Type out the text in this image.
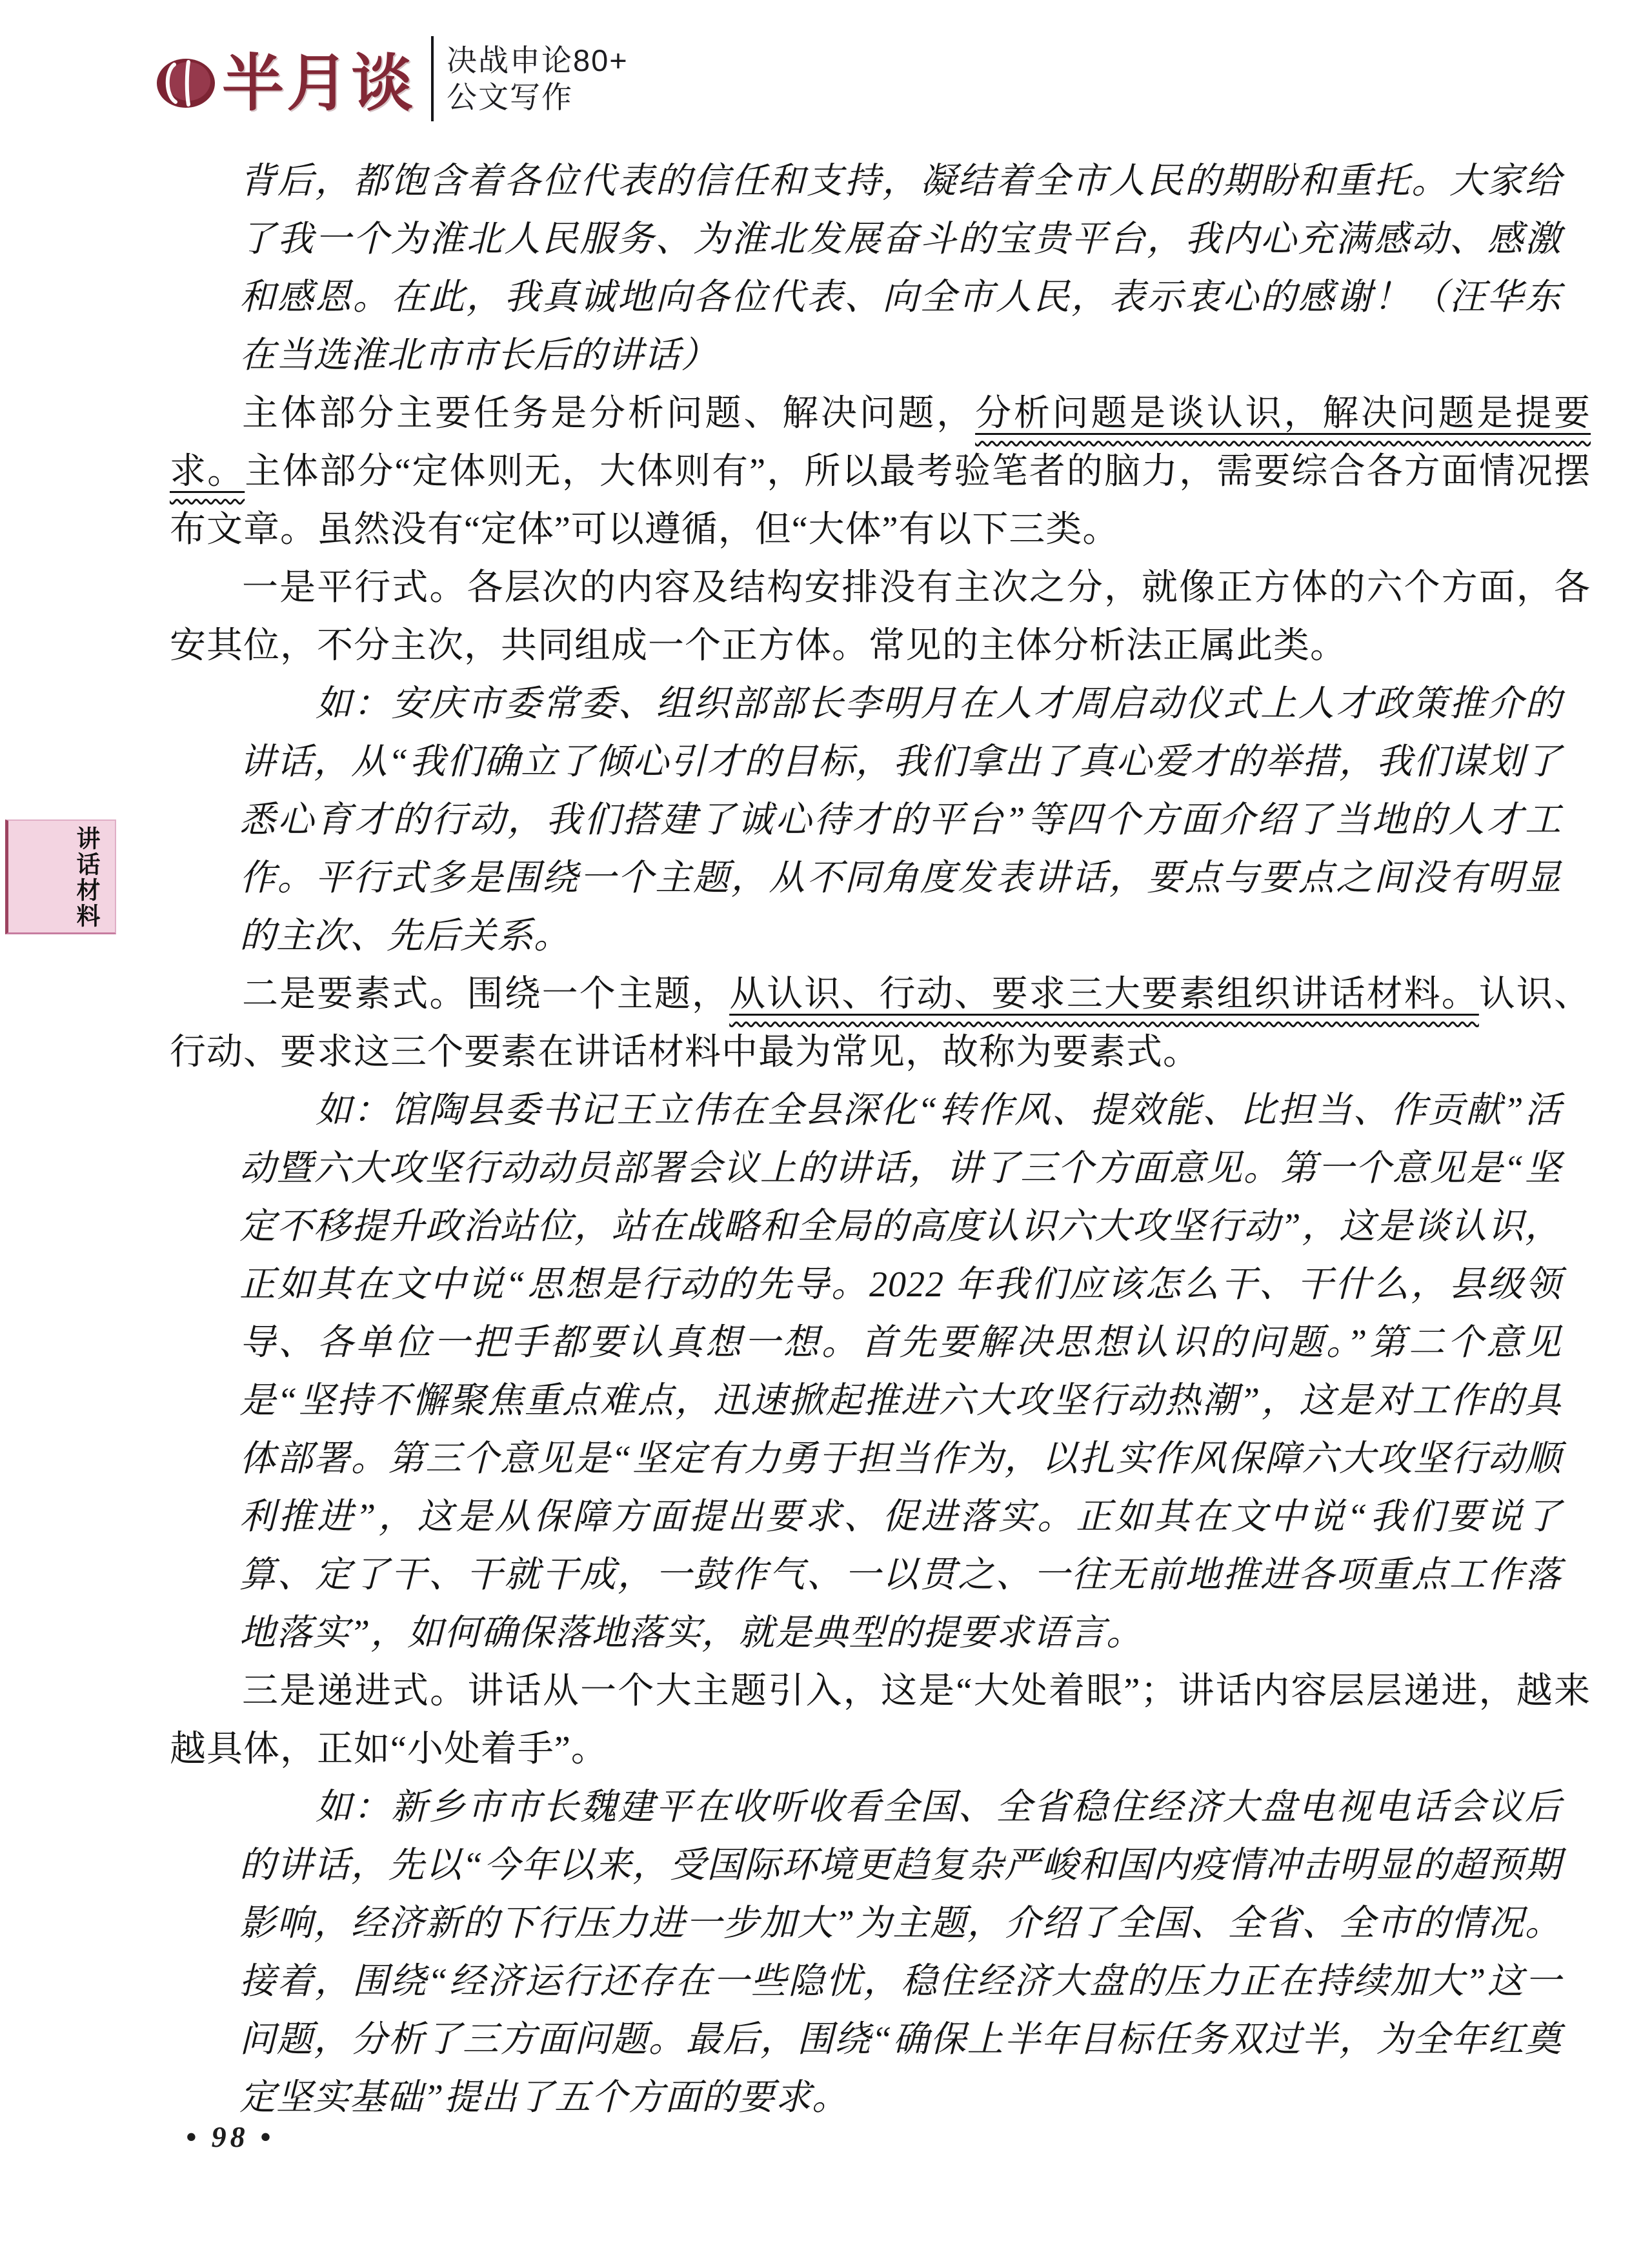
半月谈 决战申论80+
公文写作
讲话材料

背后，都饱含着各位代表的信任和支持，凝结着全市人民的期盼和重托。大家给了我一个为淮北人民服务、为淮北发展奋斗的宝贵平台，我内心充满感动、感激和感恩。在此，我真诚地向各位代表、向全市人民，表示衷心的感谢！（汪华东在当选淮北市市长后的讲话）

主体部分主要任务是分析问题、解决问题，分析问题是谈认识，解决问题是提要求。主体部分“定体则无，大体则有”，所以最考验笔者的脑力，需要综合各方面情况摆布文章。虽然没有“定体”可以遵循，但“大体”有以下三类。

一是平行式。各层次的内容及结构安排没有主次之分，就像正方体的六个方面，各安其位，不分主次，共同组成一个正方体。常见的主体分析法正属此类。

如：安庆市委常委、组织部部长李明月在人才周启动仪式上人才政策推介的讲话，从“我们确立了倾心引才的目标，我们拿出了真心爱才的举措，我们谋划了悉心育才的行动，我们搭建了诚心待才的平台”等四个方面介绍了当地的人才工作。平行式多是围绕一个主题，从不同角度发表讲话，要点与要点之间没有明显的主次、先后关系。

二是要素式。围绕一个主题，从认识、行动、要求三大要素组织讲话材料。认识、行动、要求这三个要素在讲话材料中最为常见，故称为要素式。

如：馆陶县委书记王立伟在全县深化“转作风、提效能、比担当、作贡献”活动暨六大攻坚行动动员部署会议上的讲话，讲了三个方面意见。第一个意见是“坚定不移提升政治站位，站在战略和全局的高度认识六大攻坚行动”，这是谈认识，正如其在文中说“思想是行动的先导。2022 年我们应该怎么干、干什么，县级领导、各单位一把手都要认真想一想。首先要解决思想认识的问题。”第二个意见是“坚持不懈聚焦重点难点，迅速掀起推进六大攻坚行动热潮”，这是对工作的具体部署。第三个意见是“坚定有力勇于担当作为，以扎实作风保障六大攻坚行动顺利推进”，这是从保障方面提出要求、促进落实。正如其在文中说“我们要说了算、定了干、干就干成，一鼓作气、一以贯之、一往无前地推进各项重点工作落地落实”，如何确保落地落实，就是典型的提要求语言。

三是递进式。讲话从一个大主题引入，这是“大处着眼”；讲话内容层层递进，越来越具体，正如“小处着手”。

如：新乡市市长魏建平在收听收看全国、全省稳住经济大盘电视电话会议后的讲话，先以“今年以来，受国际环境更趋复杂严峻和国内疫情冲击明显的超预期影响，经济新的下行压力进一步加大”为主题，介绍了全国、全省、全市的情况。接着，围绕“经济运行还存在一些隐忧，稳住经济大盘的压力正在持续加大”这一问题，分析了三方面问题。最后，围绕“确保上半年目标任务双过半，为全年红奠定坚实基础”提出了五个方面的要求。

• 98 •
